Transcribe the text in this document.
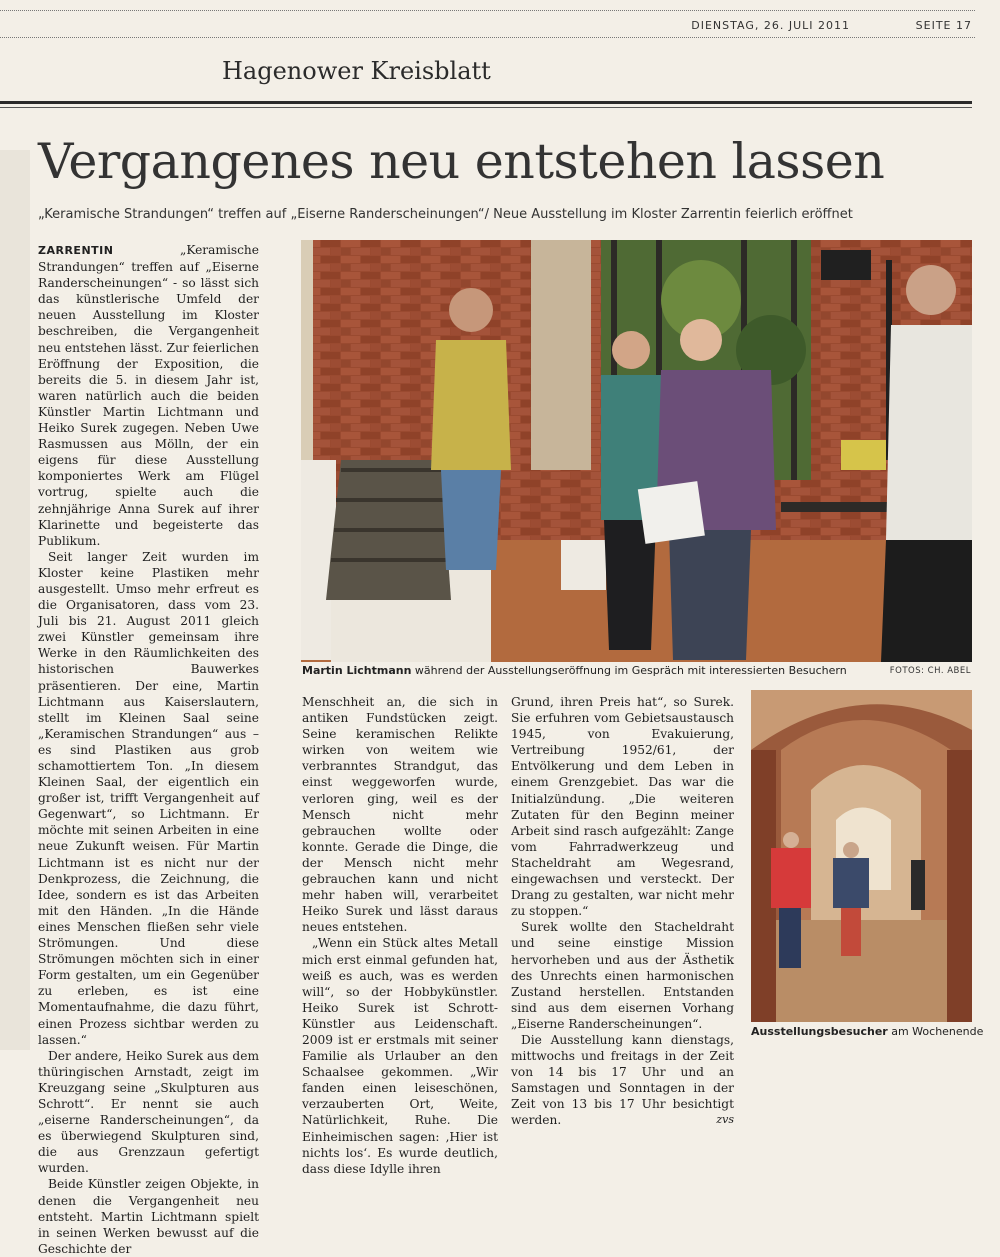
DIENSTAG, 26. JULI 2011	SEITE 17
Hagenower Kreisblatt
Vergangenes neu entstehen lassen
„Keramische Strandungen“ treffen auf „Eiserne Randerscheinungen“/ Neue Ausstellung im Kloster Zarrentin feierlich eröffnet

ZARRENTIN	„Keramische Strandungen“ treffen auf „Eiserne Randerscheinungen“ - so lässt sich das künstlerische Umfeld der neuen Ausstellung im Kloster beschreiben, die Vergangenheit neu entstehen lässt. Zur feierlichen Eröffnung der Exposition, die bereits die 5. in diesem Jahr ist, waren natürlich auch die beiden Künstler Martin Lichtmann und Heiko Surek zugegen. Neben Uwe Rasmussen aus Mölln, der ein eigens für diese Ausstellung komponiertes Werk am Flügel vortrug, spielte auch die zehnjährige Anna Surek auf ihrer Klarinette und begeisterte das Publikum.

Seit langer Zeit wurden im Kloster keine Plastiken mehr ausgestellt. Umso mehr erfreut es die Organisatoren, dass vom 23. Juli bis 21. August 2011 gleich zwei Künstler gemeinsam ihre Werke in den Räumlichkeiten des historischen Bauwerkes präsentieren. Der eine, Martin Lichtmann aus Kaiserslautern, stellt im Kleinen Saal seine „Keramischen Strandungen“ aus – es sind Plastiken aus grob schamottiertem Ton. „In diesem Kleinen Saal, der eigentlich ein großer ist, trifft Vergangenheit auf Gegenwart“, so Lichtmann. Er möchte mit seinen Arbeiten in eine neue Zukunft weisen. Für Martin Lichtmann ist es nicht nur der Denkprozess, die Zeichnung, die Idee, sondern es ist das Arbeiten mit den Händen. „In die Hände eines Menschen fließen sehr viele Strömungen. Und diese Strömungen möchten sich in einer Form gestalten, um ein Gegenüber zu erleben, es ist eine Momentaufnahme, die dazu führt, einen Prozess sichtbar werden zu lassen.“

Der andere, Heiko Surek aus dem thüringischen Arnstadt, zeigt im Kreuzgang seine „Skulpturen aus Schrott“. Er nennt sie auch „eiserne Randerscheinungen“, da es überwiegend Skulpturen sind, die aus Grenzzaun gefertigt wurden.

Beide Künstler zeigen Objekte, in denen die Vergangenheit neu entsteht. Martin Lichtmann spielt in seinen Werken bewusst auf die Geschichte der

Martin Lichtmann während der Ausstellungseröffnung im Gespräch mit interessierten Besuchern	FOTOS: CH. ABEL

Menschheit an, die sich in antiken Fundstücken zeigt. Seine keramischen Relikte wirken von weitem wie verbranntes Strandgut, das einst weggeworfen wurde, verloren ging, weil es der Mensch nicht mehr gebrauchen wollte oder konnte. Gerade die Dinge, die der Mensch nicht mehr gebrauchen kann und nicht mehr haben will, verarbeitet Heiko Surek und lässt daraus neues entstehen.

„Wenn ein Stück altes Metall mich erst einmal gefunden hat, weiß es auch, was es werden will“, so der Hobbykünstler. Heiko Surek ist Schrott-Künstler aus Leidenschaft. 2009 ist er erstmals mit seiner Familie als Urlauber an den Schaalsee gekommen. „Wir fanden einen leiseschönen, verzauberten Ort, Weite, Natürlichkeit, Ruhe. Die Einheimischen sagen: ‚Hier ist nichts los‘. Es wurde deutlich, dass diese Idylle ihren

Grund, ihren Preis hat“, so Surek. Sie erfuhren vom Gebietsaustausch 1945, von Evakuierung, Vertreibung 1952/61, der Entvölkerung und dem Leben in einem Grenzgebiet. Das war die Initialzündung. „Die weiteren Zutaten für den Beginn meiner Arbeit sind rasch aufgezählt: Zange vom Fahrradwerkzeug und Stacheldraht am Wegesrand, eingewachsen und versteckt. Der Drang zu gestalten, war nicht mehr zu stoppen.“

Surek wollte den Stacheldraht und seine einstige Mission hervorheben und aus der Ästhetik des Unrechts einen harmonischen Zustand herstellen. Entstanden sind aus dem eisernen Vorhang „Eiserne Randerscheinungen“.

Die Ausstellung kann dienstags, mittwochs und freitags in der Zeit von 14 bis 17 Uhr und an Samstagen und Sonntagen in der Zeit von 13 bis 17 Uhr besichtigt werden.	zvs

Ausstellungsbesucher am Wochenende
